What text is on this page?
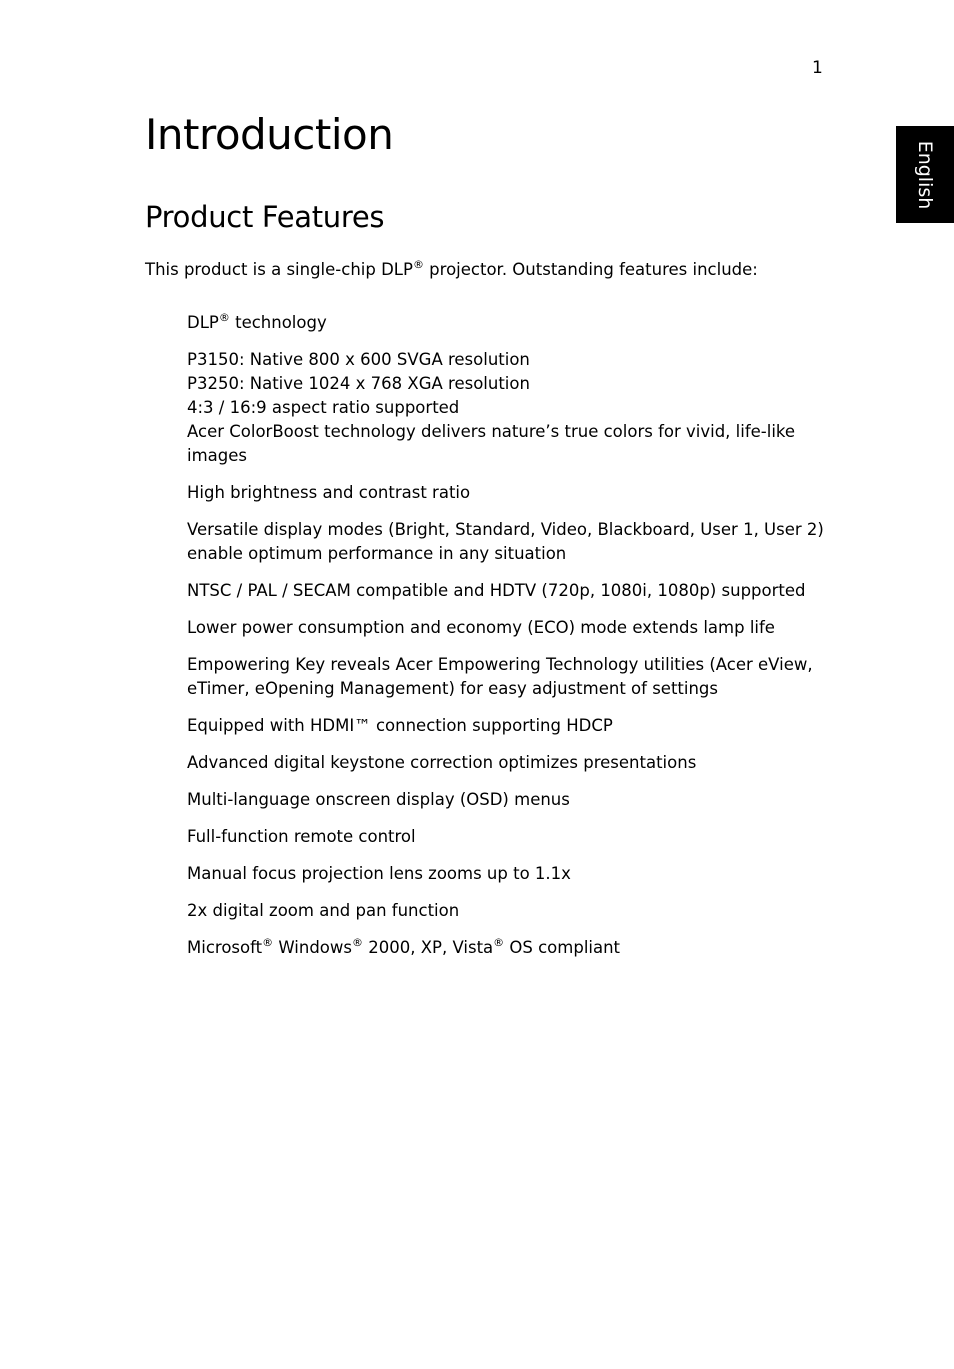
1
English
Introduction
Product Features

This product is a single-chip DLP® projector. Outstanding features include:

DLP® technology
P3150: Native 800 x 600 SVGA resolution
P3250: Native 1024 x 768 XGA resolution
4:3 / 16:9 aspect ratio supported
Acer ColorBoost technology delivers nature’s true colors for vivid, life-like images
High brightness and contrast ratio
Versatile display modes (Bright, Standard, Video, Blackboard, User 1, User 2) enable optimum performance in any situation
NTSC / PAL / SECAM compatible and HDTV (720p, 1080i, 1080p) supported
Lower power consumption and economy (ECO) mode extends lamp life
Empowering Key reveals Acer Empowering Technology utilities (Acer eView, eTimer, eOpening Management) for easy adjustment of settings
Equipped with HDMI™ connection supporting HDCP
Advanced digital keystone correction optimizes presentations
Multi-language onscreen display (OSD) menus
Full-function remote control
Manual focus projection lens zooms up to 1.1x
2x digital zoom and pan function
Microsoft® Windows® 2000, XP, Vista® OS compliant
